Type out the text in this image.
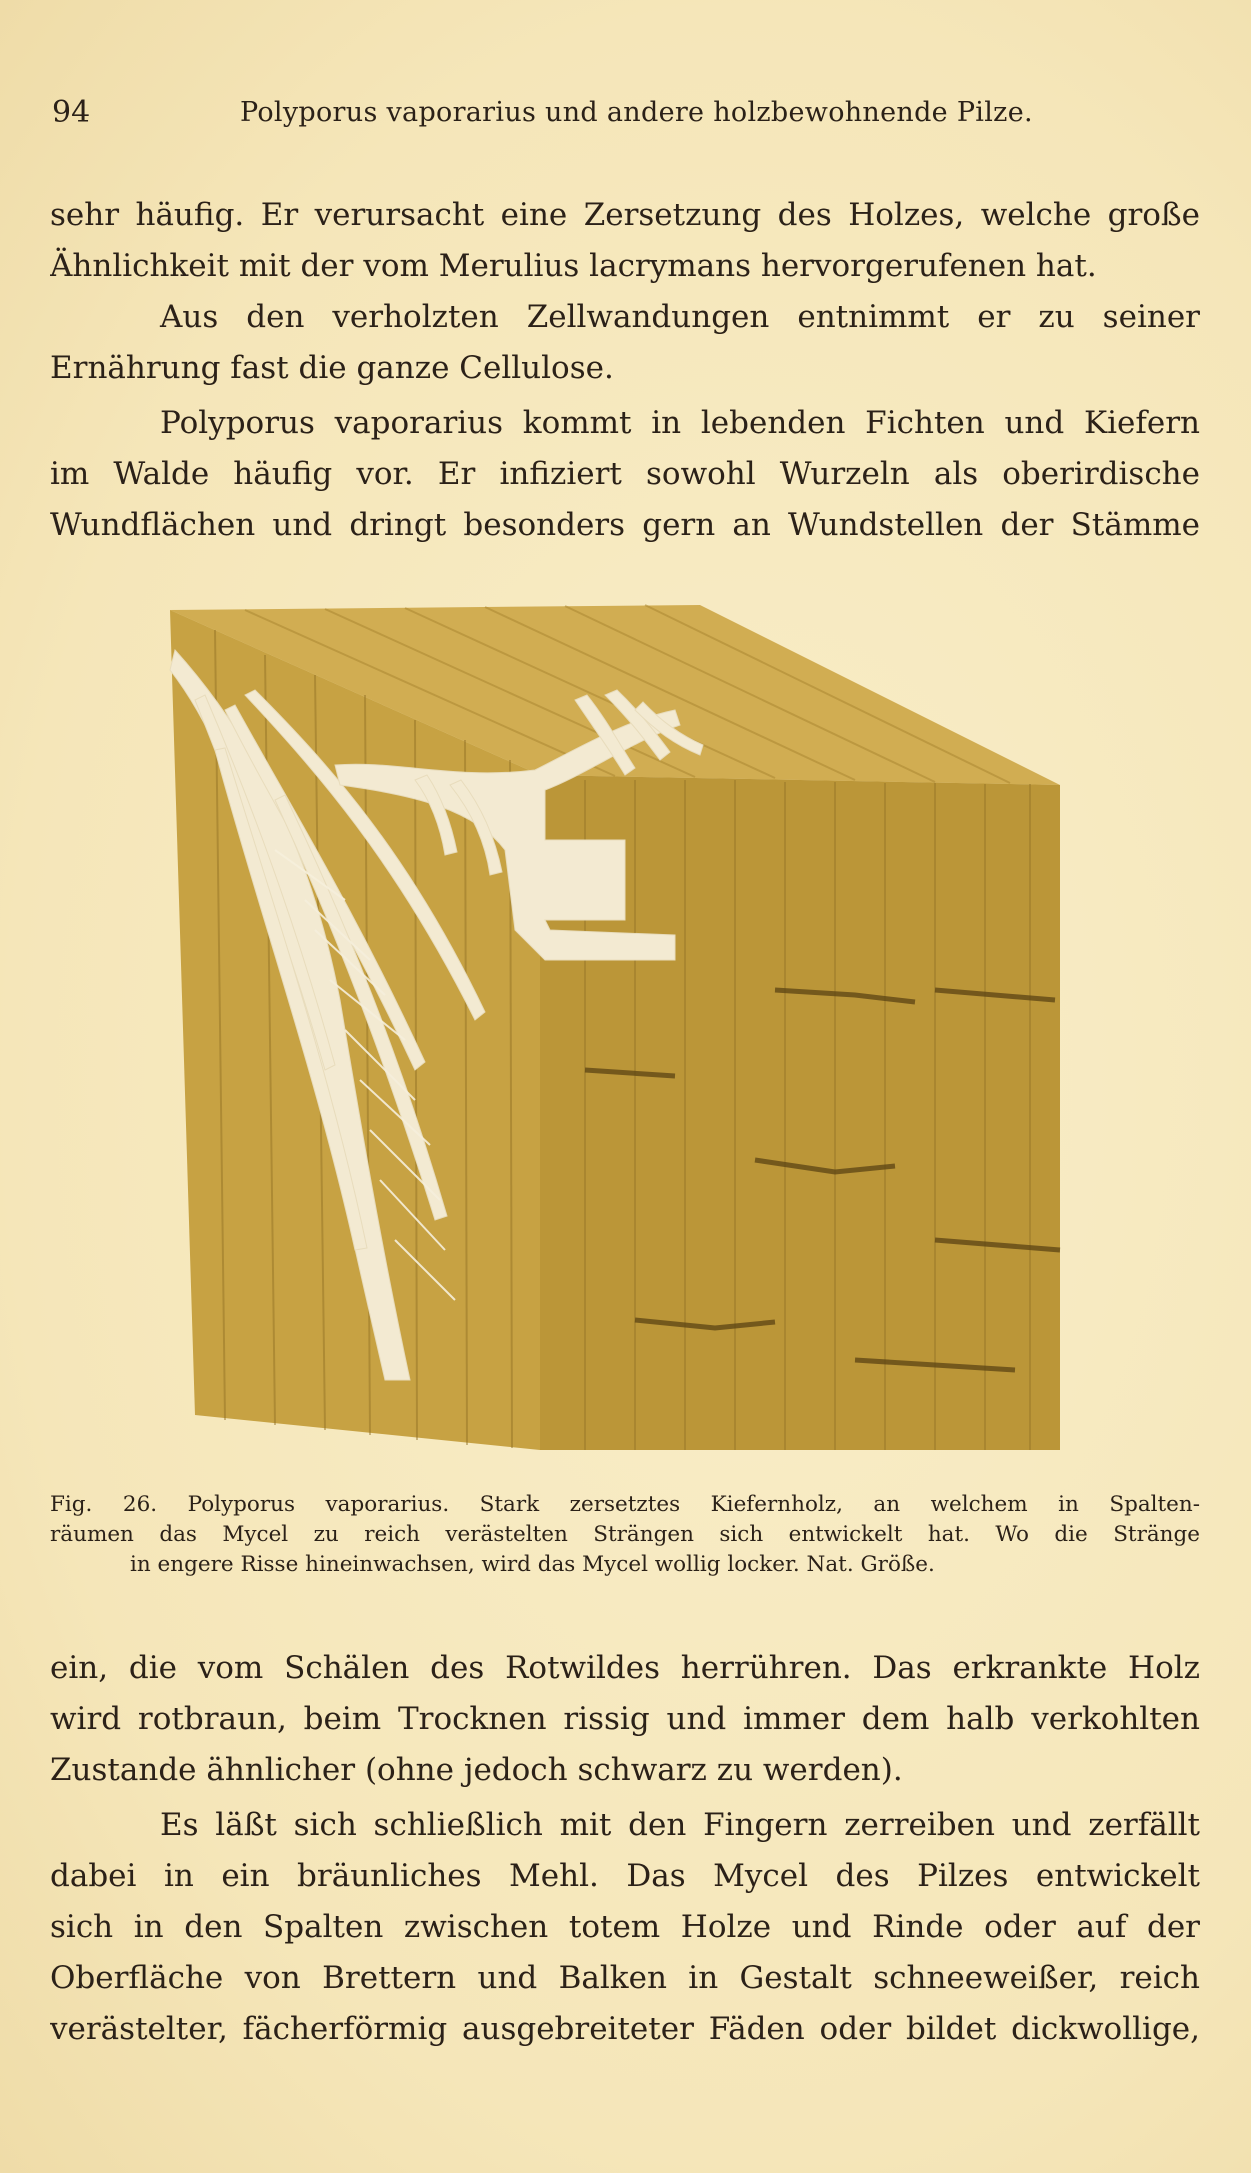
94	Polyporus vaporarius und andere holzbewohnende Pilze.
sehr häufig. Er verursacht eine Zersetzung des Holzes, welche große
Ähnlichkeit mit der vom Merulius lacrymans hervorgerufenen hat.
Aus den verholzten Zellwandungen entnimmt er zu seiner
Ernährung fast die ganze Cellulose.
Polyporus vaporarius kommt in lebenden Fichten und Kiefern
im Walde häufig vor. Er infiziert sowohl Wurzeln als oberirdische
Wundflächen und dringt besonders gern an Wundstellen der Stämme
Fig. 26. Polyporus vaporarius. Stark zersetztes Kiefernholz, an welchem in Spalten-
räumen das Mycel zu reich verästelten Strängen sich entwickelt hat. Wo die Stränge
in engere Risse hineinwachsen, wird das Mycel wollig locker. Nat. Größe.
ein, die vom Schälen des Rotwildes herrühren. Das erkrankte Holz
wird rotbraun, beim Trocknen rissig und immer dem halb verkohlten
Zustande ähnlicher (ohne jedoch schwarz zu werden).
Es läßt sich schließlich mit den Fingern zerreiben und zerfällt
dabei in ein bräunliches Mehl. Das Mycel des Pilzes entwickelt
sich in den Spalten zwischen totem Holze und Rinde oder auf der
Oberfläche von Brettern und Balken in Gestalt schneeweißer, reich
verästelter, fächerförmig ausgebreiteter Fäden oder bildet dickwollige,
